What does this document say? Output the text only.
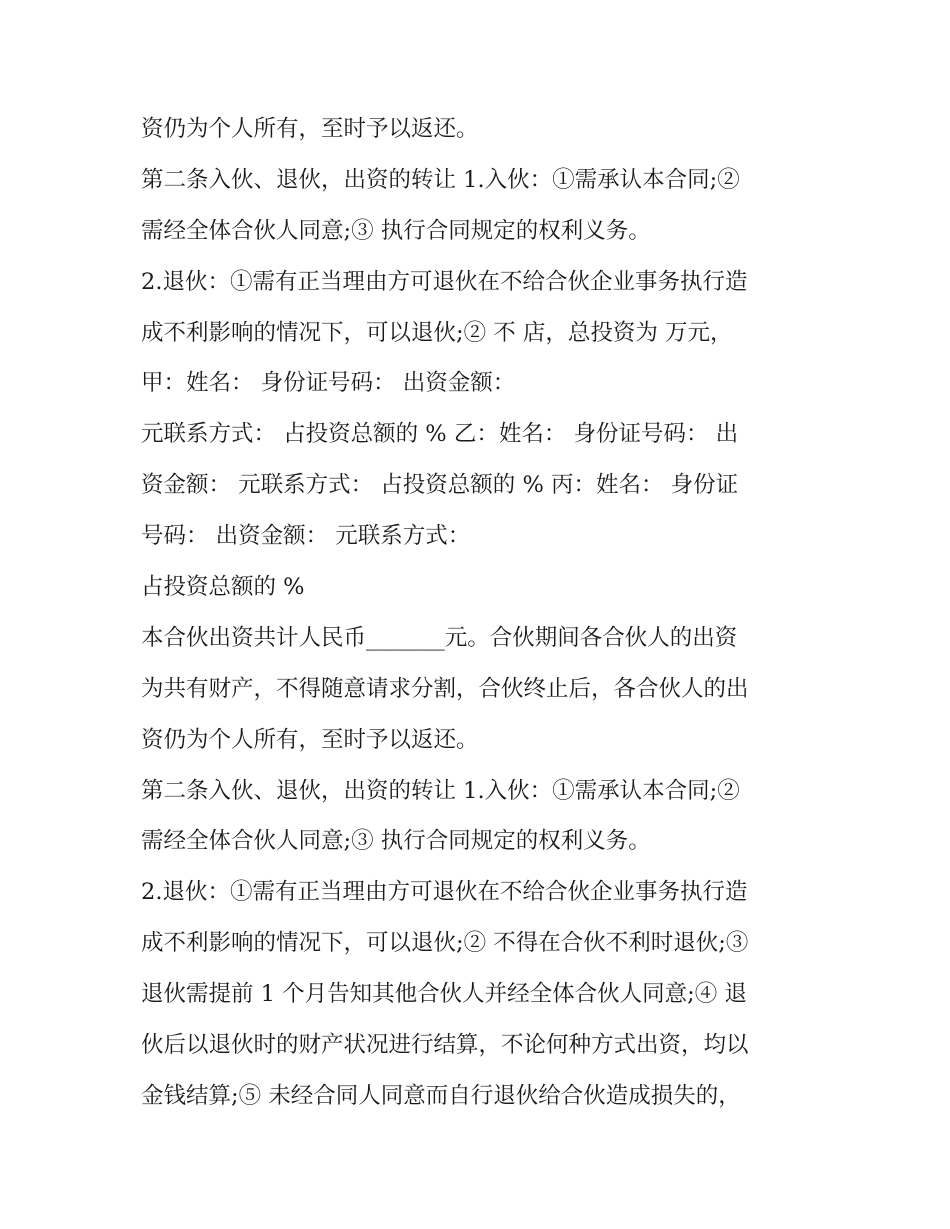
资仍为个人所有，至时予以返还。
第二条入伙、退伙，出资的转让 1.入伙：①需承认本合同;②
需经全体合伙人同意;③ 执行合同规定的权利义务。
2.退伙：①需有正当理由方可退伙在不给合伙企业事务执行造
成不利影响的情况下，可以退伙;② 不 店，总投资为 万元，
甲：姓名： 身份证号码： 出资金额：
元联系方式： 占投资总额的 % 乙：姓名： 身份证号码： 出
资金额： 元联系方式： 占投资总额的 % 丙：姓名： 身份证
号码： 出资金额： 元联系方式：
占投资总额的 %
本合伙出资共计人民币_______元。合伙期间各合伙人的出资
为共有财产，不得随意请求分割，合伙终止后，各合伙人的出
资仍为个人所有，至时予以返还。
第二条入伙、退伙，出资的转让 1.入伙：①需承认本合同;②
需经全体合伙人同意;③ 执行合同规定的权利义务。
2.退伙：①需有正当理由方可退伙在不给合伙企业事务执行造
成不利影响的情况下，可以退伙;② 不得在合伙不利时退伙;③
退伙需提前 1 个月告知其他合伙人并经全体合伙人同意;④ 退
伙后以退伙时的财产状况进行结算，不论何种方式出资，均以
金钱结算;⑤ 未经合同人同意而自行退伙给合伙造成损失的，
